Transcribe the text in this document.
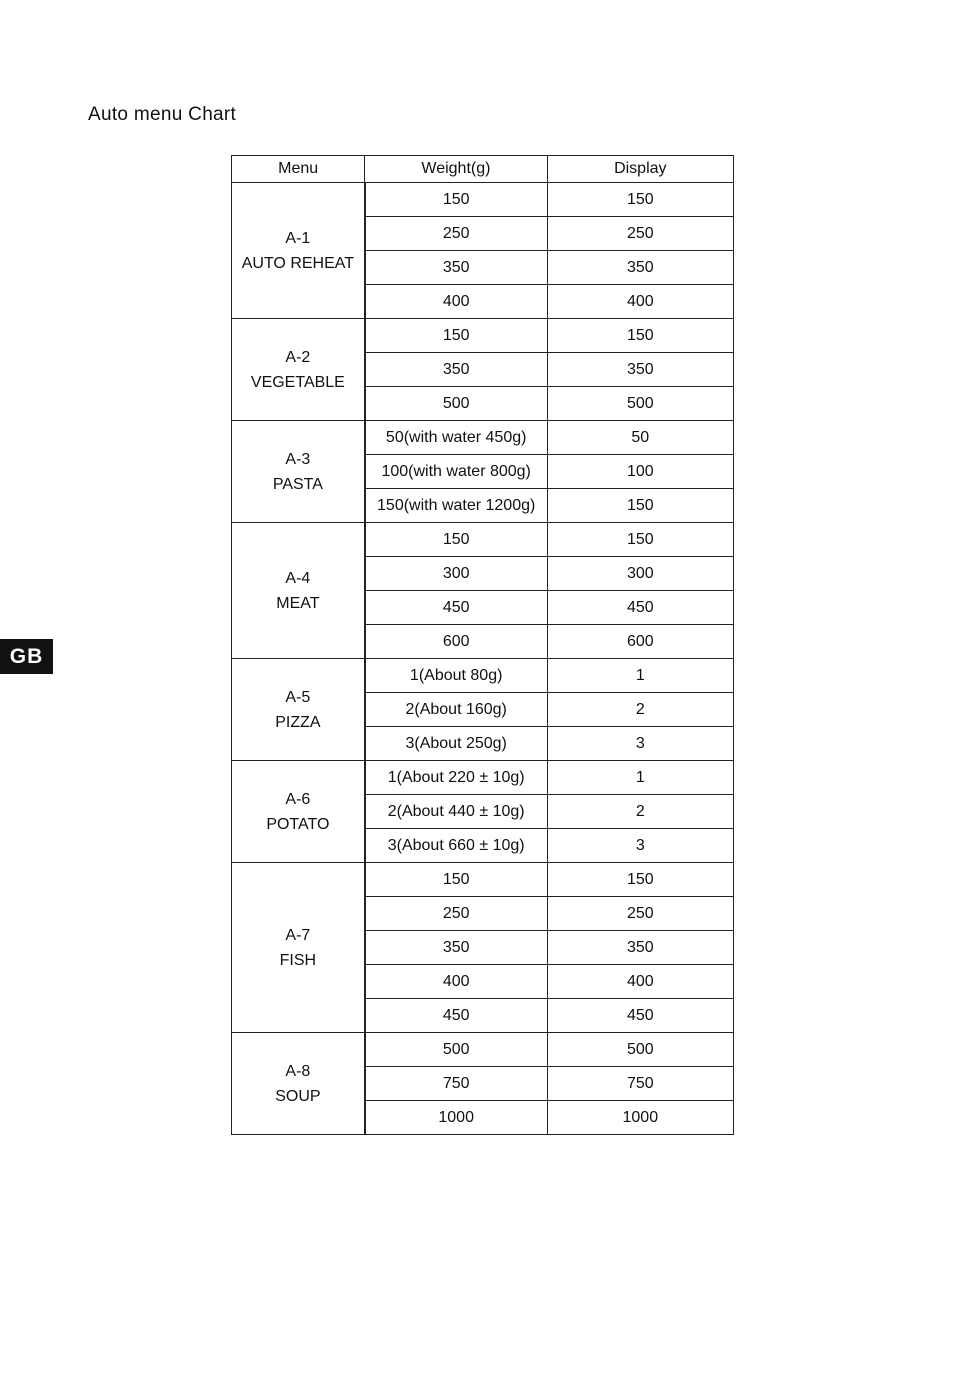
Auto menu Chart
GB
Menu	Weight(g)	Display

A-1
AUTO REHEAT	150	150
	250	250
	350	350
	400	400

A-2
VEGETABLE	150	150
	350	350
	500	500

A-3
PASTA	50(with water 450g)	50
	100(with water 800g)	100
	150(with water 1200g)	150

A-4
MEAT	150	150
	300	300
	450	450
	600	600

A-5
PIZZA	1(About 80g)	1
	2(About 160g)	2
	3(About 250g)	3

A-6
POTATO	1(About 220 ± 10g)	1
	2(About 440 ± 10g)	2
	3(About 660 ± 10g)	3

A-7
FISH	150	150
	250	250
	350	350
	400	400
	450	450

A-8
SOUP	500	500
	750	750
	1000	1000
